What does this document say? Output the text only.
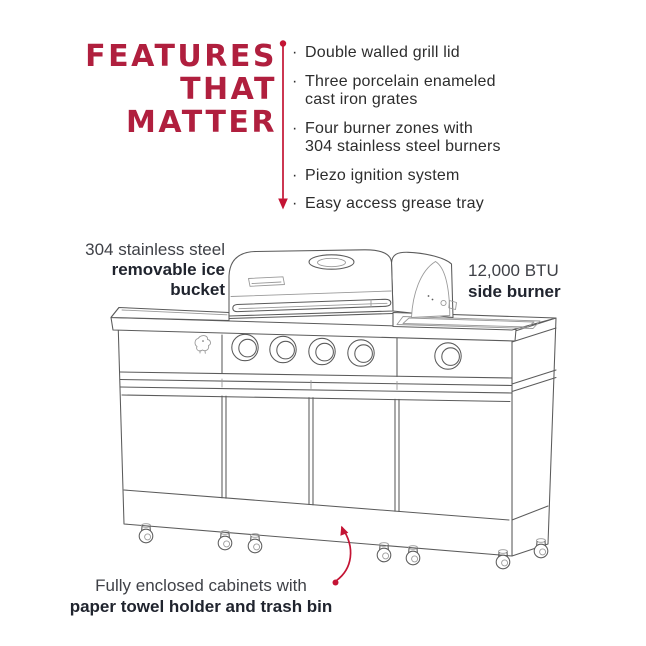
FEATURES
THAT
MATTER
· Double walled grill lid
· Three porcelain enameled
cast iron grates
· Four burner zones with
304 stainless steel burners
· Piezo ignition system
· Easy access grease tray
304 stainless steel
removable ice
bucket
12,000 BTU
side burner
Fully enclosed cabinets with
paper towel holder and trash bin
